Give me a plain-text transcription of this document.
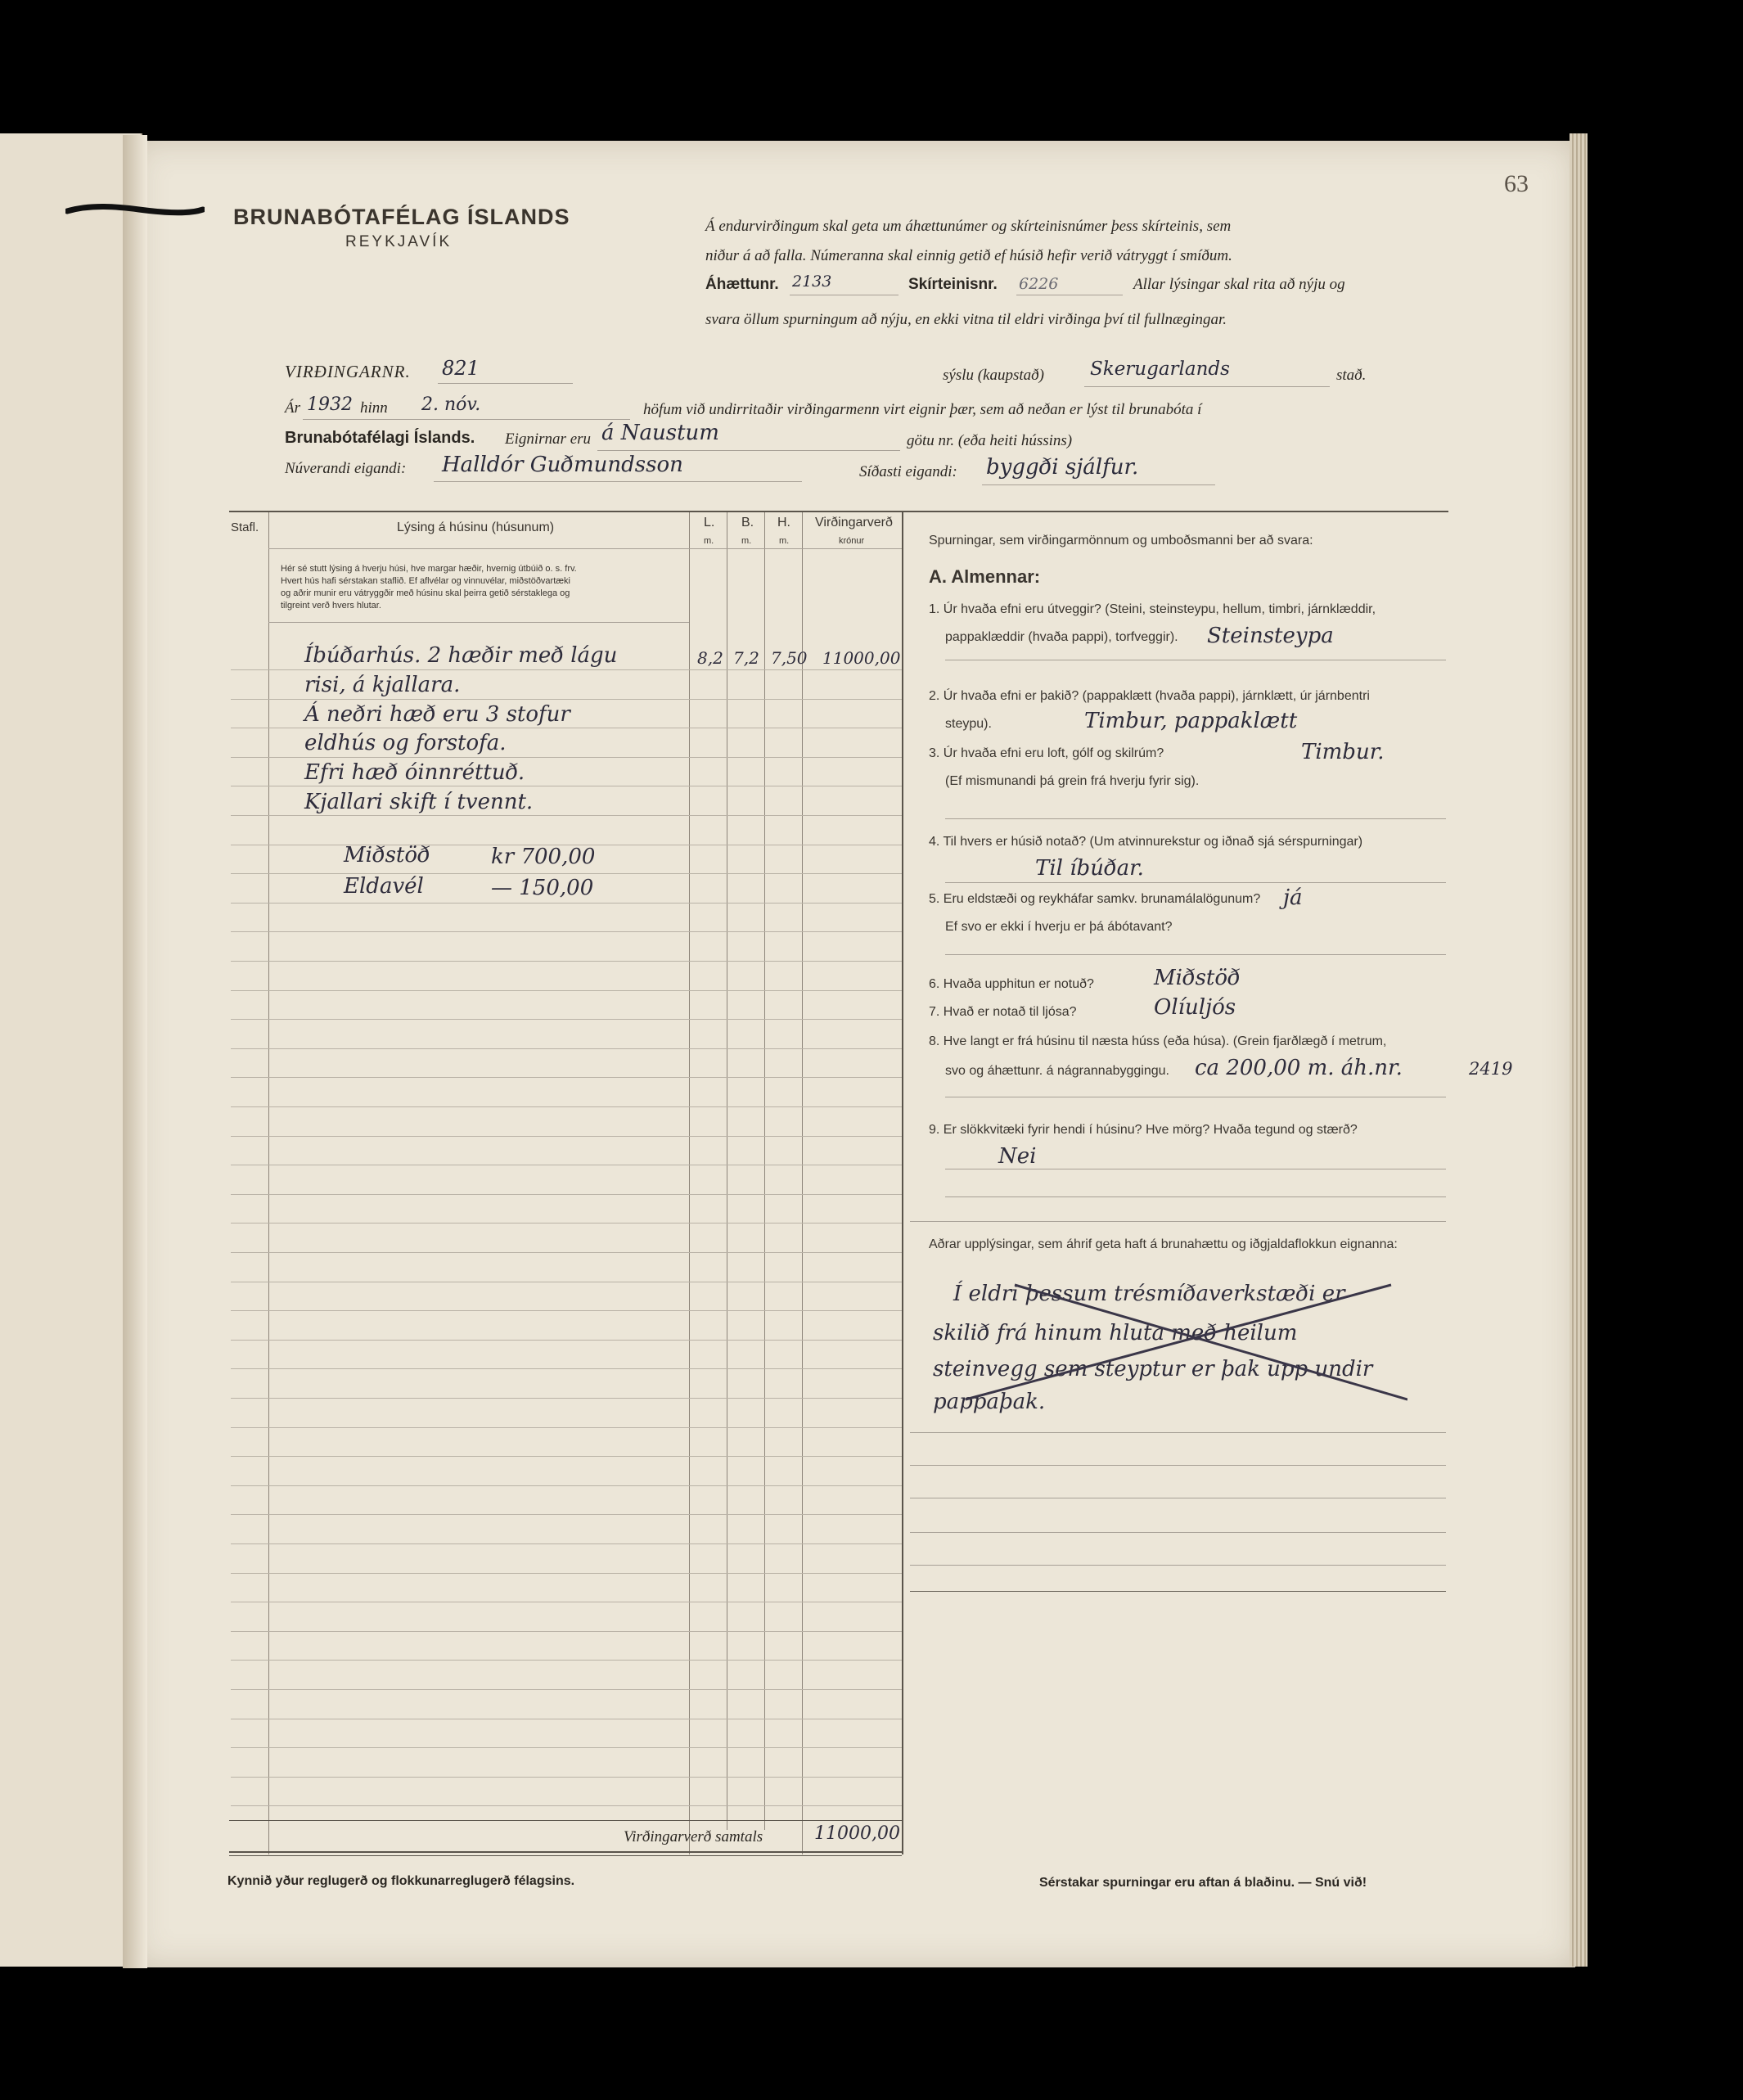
63
BRUNABÓTAFÉLAG ÍSLANDS
REYKJAVÍK
Á endurvirðingum skal geta um áhættunúmer og skírteinisnúmer þess skírteinis, sem
niður á að falla. Númeranna skal einnig getið ef húsið hefir verið vátryggt í smíðum.
Áhættunr. 2133	Skírteinisnr. 6226	Allar lýsingar skal rita að nýju og
svara öllum spurningum að nýju, en ekki vitna til eldri virðinga því til fullnægingar.
VIRÐINGARNR. 821	sýslu (kaupstað) Skerugarlands	stað.
Ár 1932 hinn 2. nóv.	höfum við undirritaðir virðingarmenn virt eignir þær, sem að neðan er lýst til brunabóta í
Brunabótafélagi Íslands. Eignirnar eru á Naustum	götu nr. (eða heiti hússins)
Núverandi eigandi: Halldór Guðmundsson	Síðasti eigandi: byggði sjálfur.
Stafl.	Lýsing á húsinu (húsunum)	L. B. H.
m.	m.	m.
Virðingarverð
krónur
Hér sé stutt lýsing á hverju húsi, hve margar hæðir, hvernig útbúið o. s. frv.
Hvert hús hafi sérstakan staflið. Ef aflvélar og vinnuvélar, miðstöðvartæki
og aðrir munir eru vátryggðir með húsinu skal þeirra getið sérstaklega og
tilgreint verð hvers hlutar.
Íbúðarhús. 2 hæðir með lágu
risi, á kjallara.
Á neðri hæð eru 3 stofur
eldhús og forstofa.
Efri hæð óinnréttuð.
Kjallari skift í tvennt.
8,2 7,2 7,50 11000,00
Miðstöð	kr 700,00
Eldavél	— 150,00
Virðingarverð samtals	11000,00
Spurningar, sem virðingarmönnum og umboðsmanni ber að svara:
A. Almennar:
1. Úr hvaða efni eru útveggir? (Steini, steinsteypu, hellum, timbri, járnklæddir,
pappaklæddir (hvaða pappi), torfveggir). Steinsteypa
2. Úr hvaða efni er þakið? (pappaklætt (hvaða pappi), járnklætt, úr járnbentri
steypu).	Timbur, pappaklætt
3. Úr hvaða efni eru loft, gólf og skilrúm?	Timbur.
(Ef mismunandi þá grein frá hverju fyrir sig).
4. Til hvers er húsið notað? (Um atvinnurekstur og iðnað sjá sérspurningar)
Til íbúðar.
5. Eru eldstæði og reykháfar samkv. brunamálalögunum? já
Ef svo er ekki í hverju er þá ábótavant?
6. Hvaða upphitun er notuð?	Miðstöð
7. Hvað er notað til ljósa?	Olíuljós
8. Hve langt er frá húsinu til næsta húss (eða húsa). (Grein fjarðlægð í metrum,
svo og áhættunr. á nágrannabyggingu. ca 200,00 m. áh.nr.	2419
9. Er slökkvitæki fyrir hendi í húsinu? Hve mörg? Hvaða tegund og stærð?
Nei
Aðrar upplýsingar, sem áhrif geta haft á brunahættu og iðgjaldaflokkun eignanna:
Í eldri þessum trésmíðaverkstæði er
skilið frá hinum hluta með heilum
steinvegg sem steyptur er þak upp undir
pappaþak.
Kynnið yður reglugerð og flokkunarreglugerð félagsins.	Sérstakar spurningar eru aftan á blaðinu. — Snú við!
